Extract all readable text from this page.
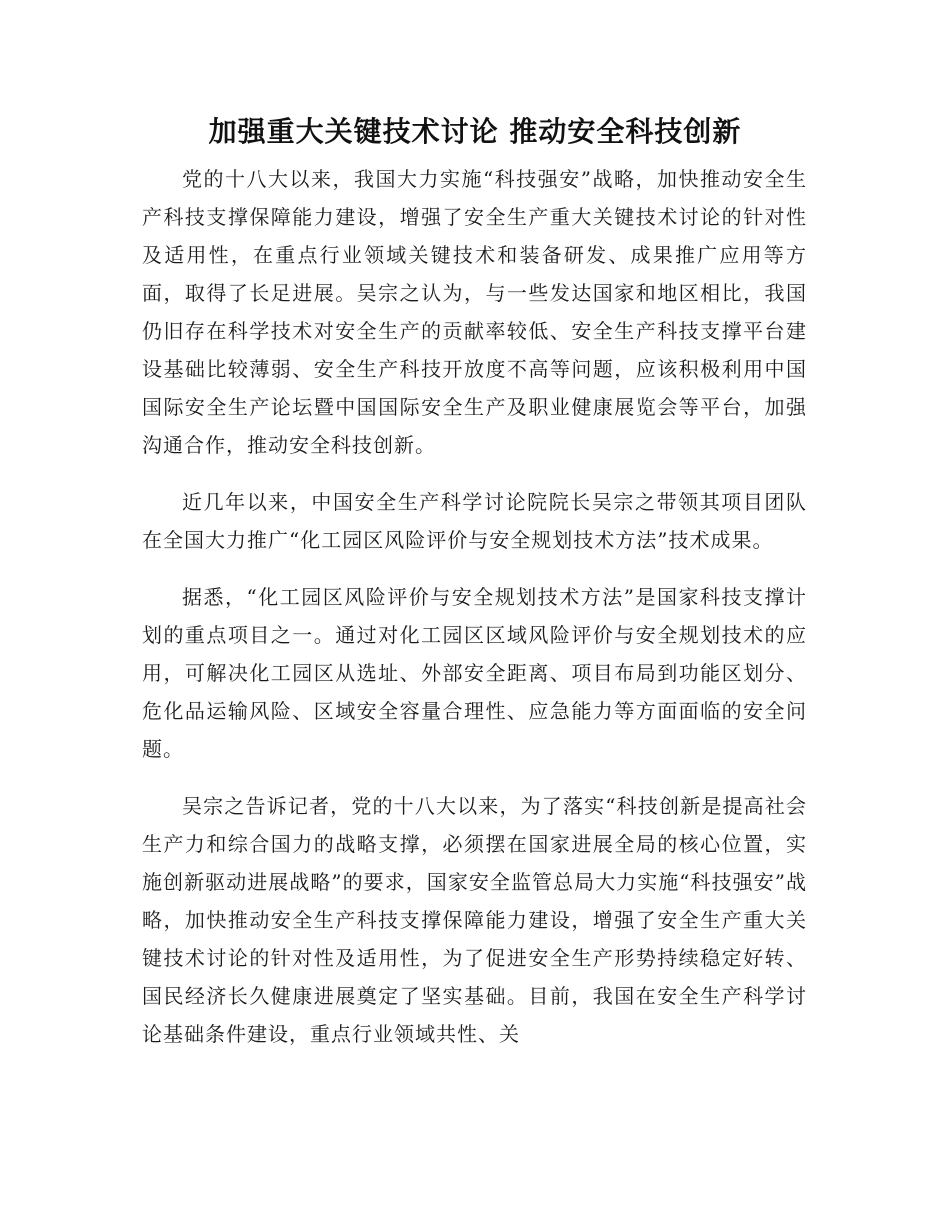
加强重大关键技术讨论 推动安全科技创新

党的十八大以来，我国大力实施“科技强安”战略，加快推动安全生产科技支撑保障能力建设，增强了安全生产重大关键技术讨论的针对性及适用性，在重点行业领域关键技术和装备研发、成果推广应用等方面，取得了长足进展。吴宗之认为，与一些发达国家和地区相比，我国仍旧存在科学技术对安全生产的贡献率较低、安全生产科技支撑平台建设基础比较薄弱、安全生产科技开放度不高等问题，应该积极利用中国国际安全生产论坛暨中国国际安全生产及职业健康展览会等平台，加强沟通合作，推动安全科技创新。

近几年以来，中国安全生产科学讨论院院长吴宗之带领其项目团队在全国大力推广“化工园区风险评价与安全规划技术方法”技术成果。

据悉，“化工园区风险评价与安全规划技术方法”是国家科技支撑计划的重点项目之一。通过对化工园区区域风险评价与安全规划技术的应用，可解决化工园区从选址、外部安全距离、项目布局到功能区划分、危化品运输风险、区域安全容量合理性、应急能力等方面面临的安全问题。

吴宗之告诉记者，党的十八大以来，为了落实“科技创新是提高社会生产力和综合国力的战略支撑，必须摆在国家进展全局的核心位置，实施创新驱动进展战略”的要求，国家安全监管总局大力实施“科技强安”战略，加快推动安全生产科技支撑保障能力建设，增强了安全生产重大关键技术讨论的针对性及适用性，为了促进安全生产形势持续稳定好转、国民经济长久健康进展奠定了坚实基础。目前，我国在安全生产科学讨论基础条件建设，重点行业领域共性、关
